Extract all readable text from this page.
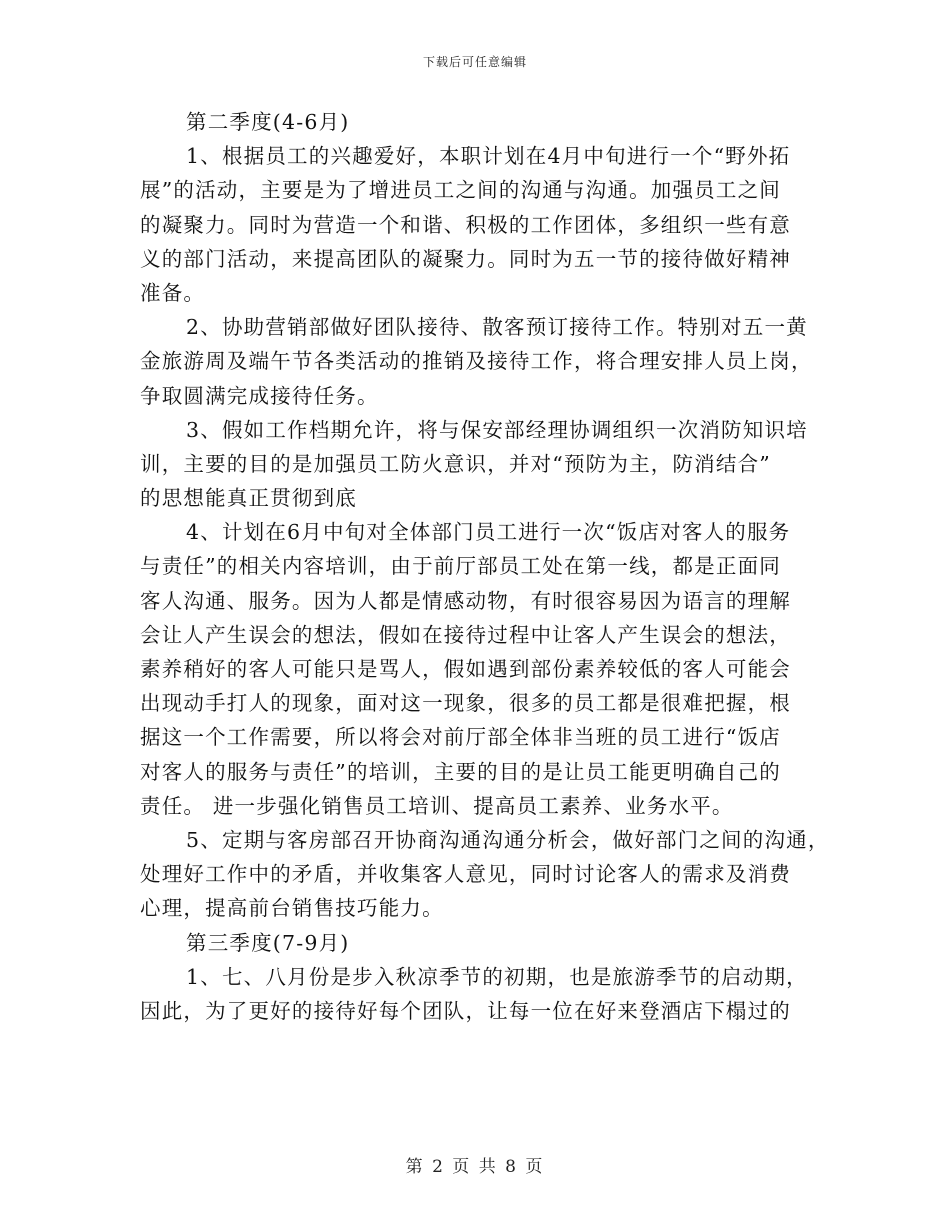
下载后可任意编辑
第二季度(4-6月)
1、根据员工的兴趣爱好，本职计划在4月中旬进行一个“野外拓
展”的活动，主要是为了增进员工之间的沟通与沟通。加强员工之间
的凝聚力。同时为营造一个和谐、积极的工作团体，多组织一些有意
义的部门活动，来提高团队的凝聚力。同时为五一节的接待做好精神
准备。
2、协助营销部做好团队接待、散客预订接待工作。特别对五一黄
金旅游周及端午节各类活动的推销及接待工作，将合理安排人员上岗，
争取圆满完成接待任务。
3、假如工作档期允许，将与保安部经理协调组织一次消防知识培
训，主要的目的是加强员工防火意识，并对“预防为主，防消结合”
的思想能真正贯彻到底
4、计划在6月中旬对全体部门员工进行一次“饭店对客人的服务
与责任”的相关内容培训，由于前厅部员工处在第一线，都是正面同
客人沟通、服务。因为人都是情感动物，有时很容易因为语言的理解
会让人产生误会的想法，假如在接待过程中让客人产生误会的想法，
素养稍好的客人可能只是骂人，假如遇到部份素养较低的客人可能会
出现动手打人的现象，面对这一现象，很多的员工都是很难把握，根
据这一个工作需要，所以将会对前厅部全体非当班的员工进行“饭店
对客人的服务与责任”的培训，主要的目的是让员工能更明确自己的
责任。 进一步强化销售员工培训、提高员工素养、业务水平。
5、定期与客房部召开协商沟通沟通分析会，做好部门之间的沟通，
处理好工作中的矛盾，并收集客人意见，同时讨论客人的需求及消费
心理，提高前台销售技巧能力。
第三季度(7-9月)
1、七、八月份是步入秋凉季节的初期，也是旅游季节的启动期，
因此，为了更好的接待好每个团队，让每一位在好来登酒店下榻过的
第 2 页 共 8 页
